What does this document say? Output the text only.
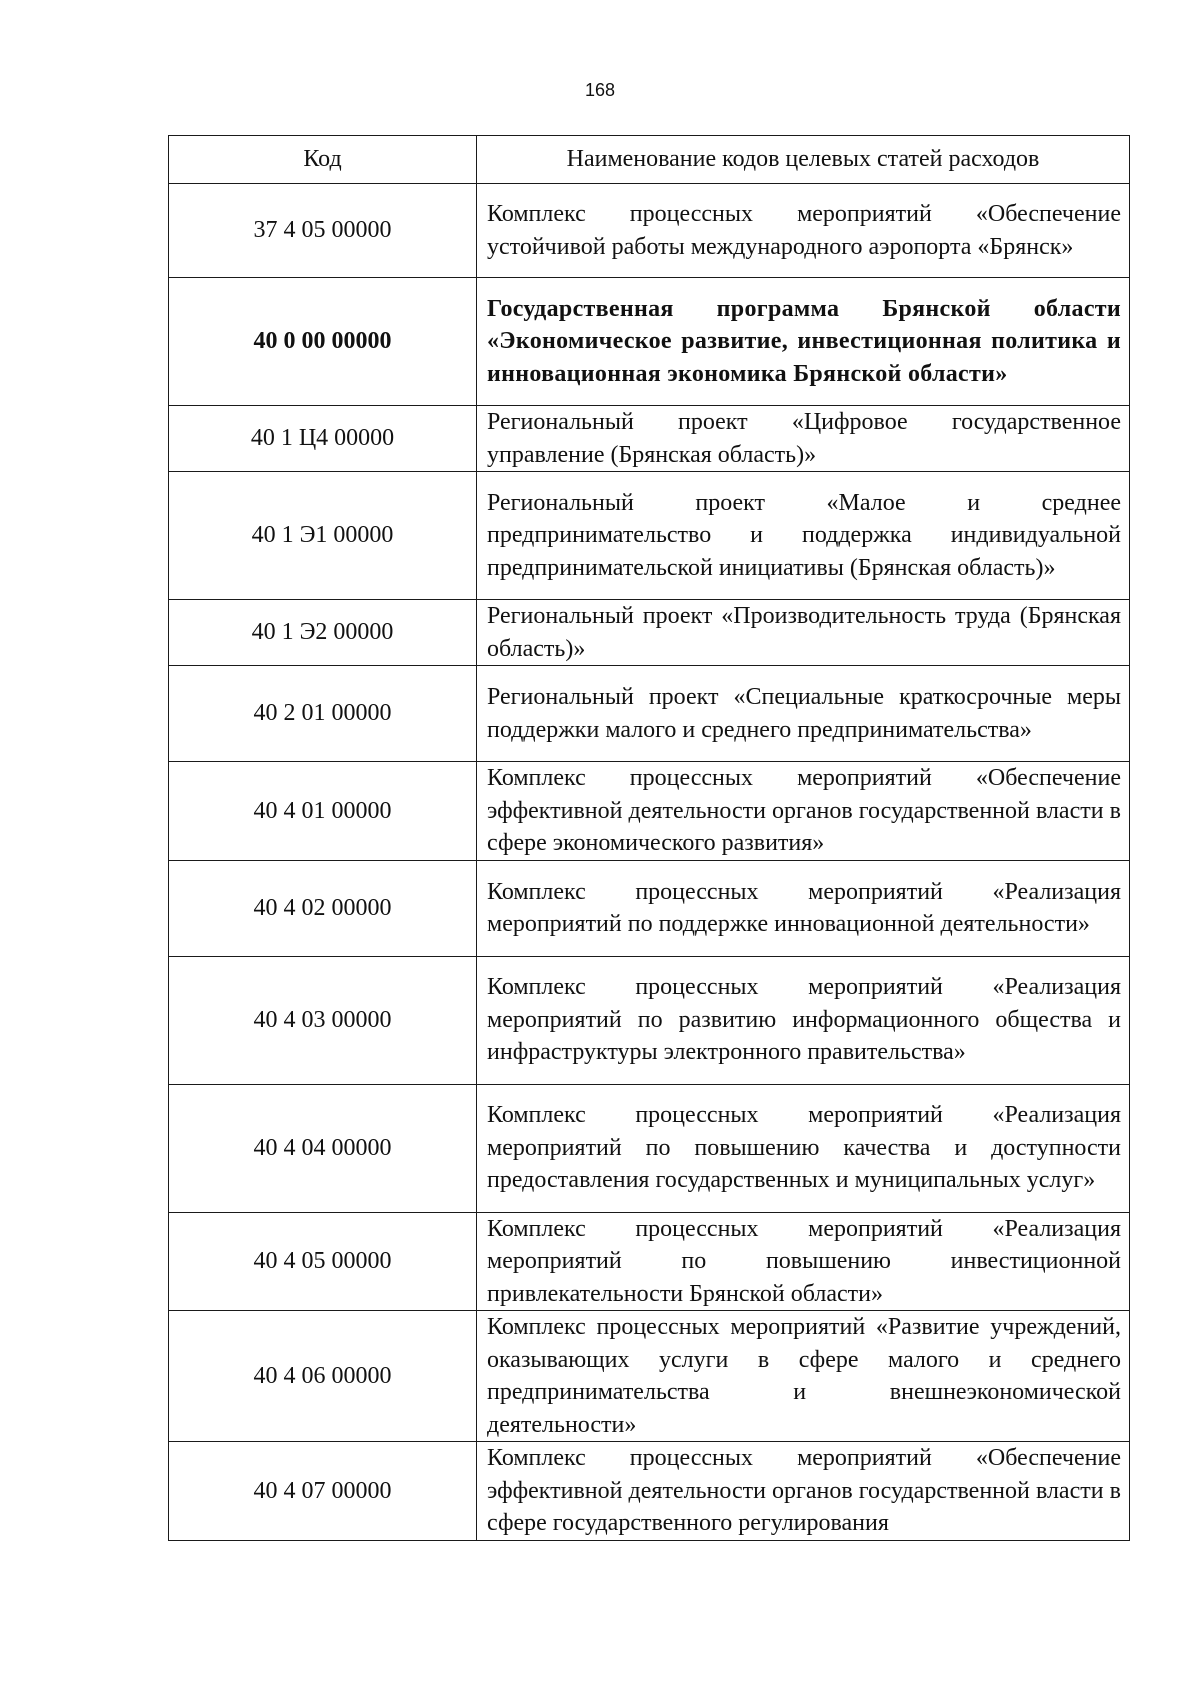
168
Код	Наименование кодов целевых статей расходов
37 4 05 00000	Комплекс процессных мероприятий «Обеспечение устойчивой работы международного аэропорта «Брянск»
40 0 00 00000	Государственная программа Брянской области «Экономическое развитие, инвестиционная политика и инновационная экономика Брянской области»
40 1 Ц4 00000	Региональный проект «Цифровое государственное управление (Брянская область)»
40 1 Э1 00000	Региональный проект «Малое и среднее предпринимательство и поддержка индивидуальной предпринимательской инициативы (Брянская область)»
40 1 Э2 00000	Региональный проект «Производительность труда (Брянская область)»
40 2 01 00000	Региональный проект «Специальные краткосрочные меры поддержки малого и среднего предпринимательства»
40 4 01 00000	Комплекс процессных мероприятий «Обеспечение эффективной деятельности органов государственной власти в сфере экономического развития»
40 4 02 00000	Комплекс процессных мероприятий «Реализация мероприятий по поддержке инновационной деятельности»
40 4 03 00000	Комплекс процессных мероприятий «Реализация мероприятий по развитию информационного общества и инфраструктуры электронного правительства»
40 4 04 00000	Комплекс процессных мероприятий «Реализация мероприятий по повышению качества и доступности предоставления государственных и муниципальных услуг»
40 4 05 00000	Комплекс процессных мероприятий «Реализация мероприятий по повышению инвестиционной привлекательности Брянской области»
40 4 06 00000	Комплекс процессных мероприятий «Развитие учреждений, оказывающих услуги в сфере малого и среднего предпринимательства и внешнеэкономической деятельности»
40 4 07 00000	Комплекс процессных мероприятий «Обеспечение эффективной деятельности органов государственной власти в сфере государственного регулирования
